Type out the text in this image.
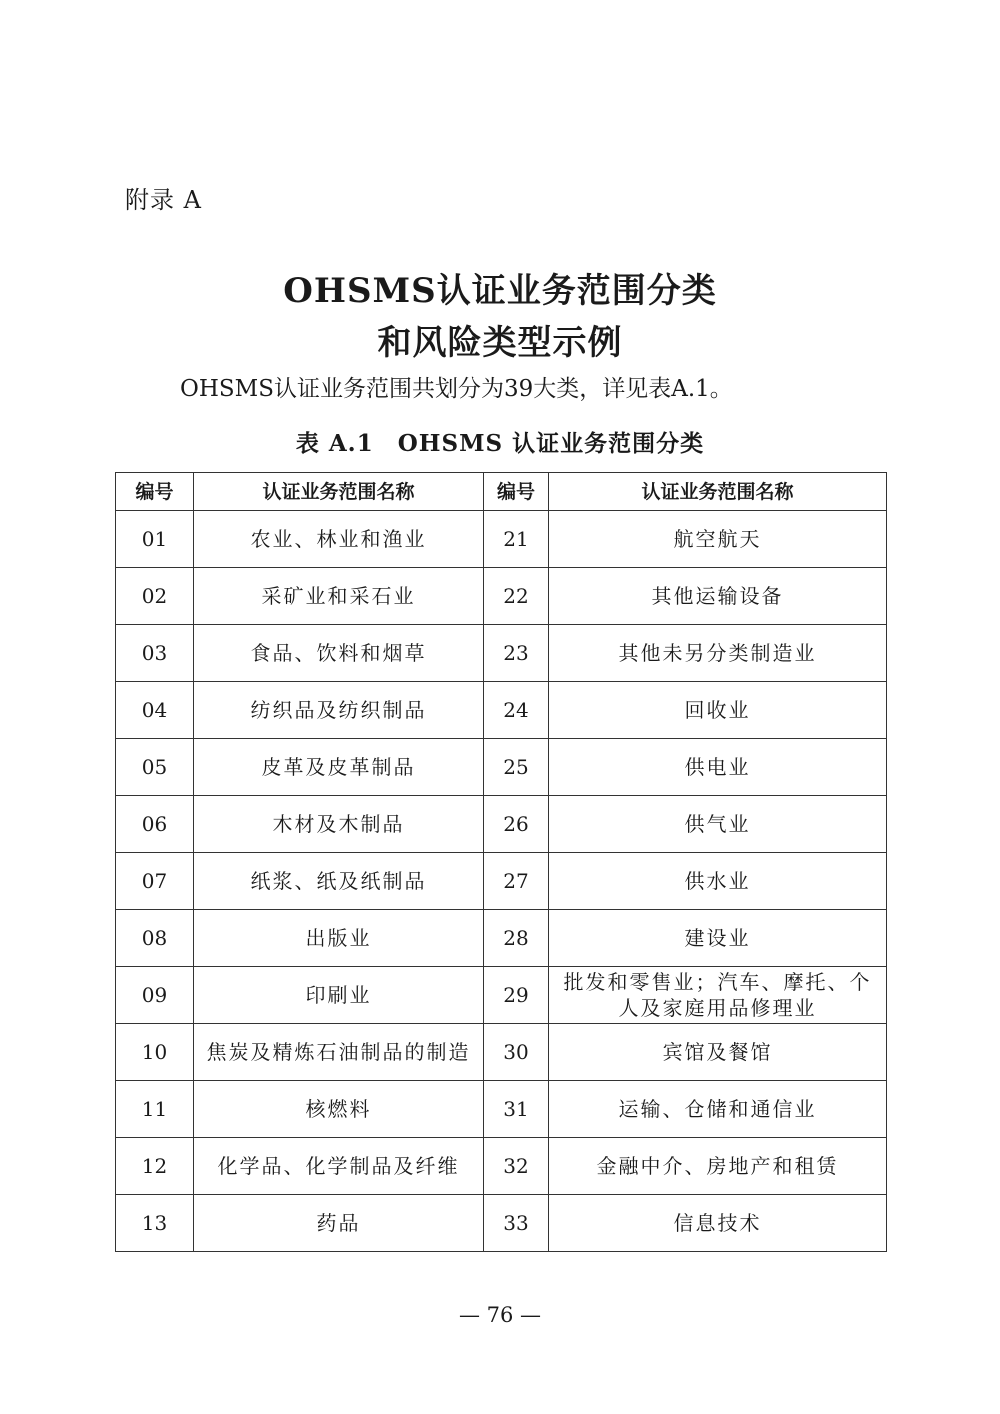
附录 A
OHSMS认证业务范围分类
和风险类型示例
OHSMS认证业务范围共划分为39大类，详见表A.1。
表 A.1　OHSMS 认证业务范围分类
编号	认证业务范围名称	编号	认证业务范围名称
01	农业、林业和渔业	21	航空航天
02	采矿业和采石业	22	其他运输设备
03	食品、饮料和烟草	23	其他未另分类制造业
04	纺织品及纺织制品	24	回收业
05	皮革及皮革制品	25	供电业
06	木材及木制品	26	供气业
07	纸浆、纸及纸制品	27	供水业
08	出版业	28	建设业
09	印刷业	29	批发和零售业；汽车、摩托、个人及家庭用品修理业
10	焦炭及精炼石油制品的制造	30	宾馆及餐馆
11	核燃料	31	运输、仓储和通信业
12	化学品、化学制品及纤维	32	金融中介、房地产和租赁
13	药品	33	信息技术
— 76 —
